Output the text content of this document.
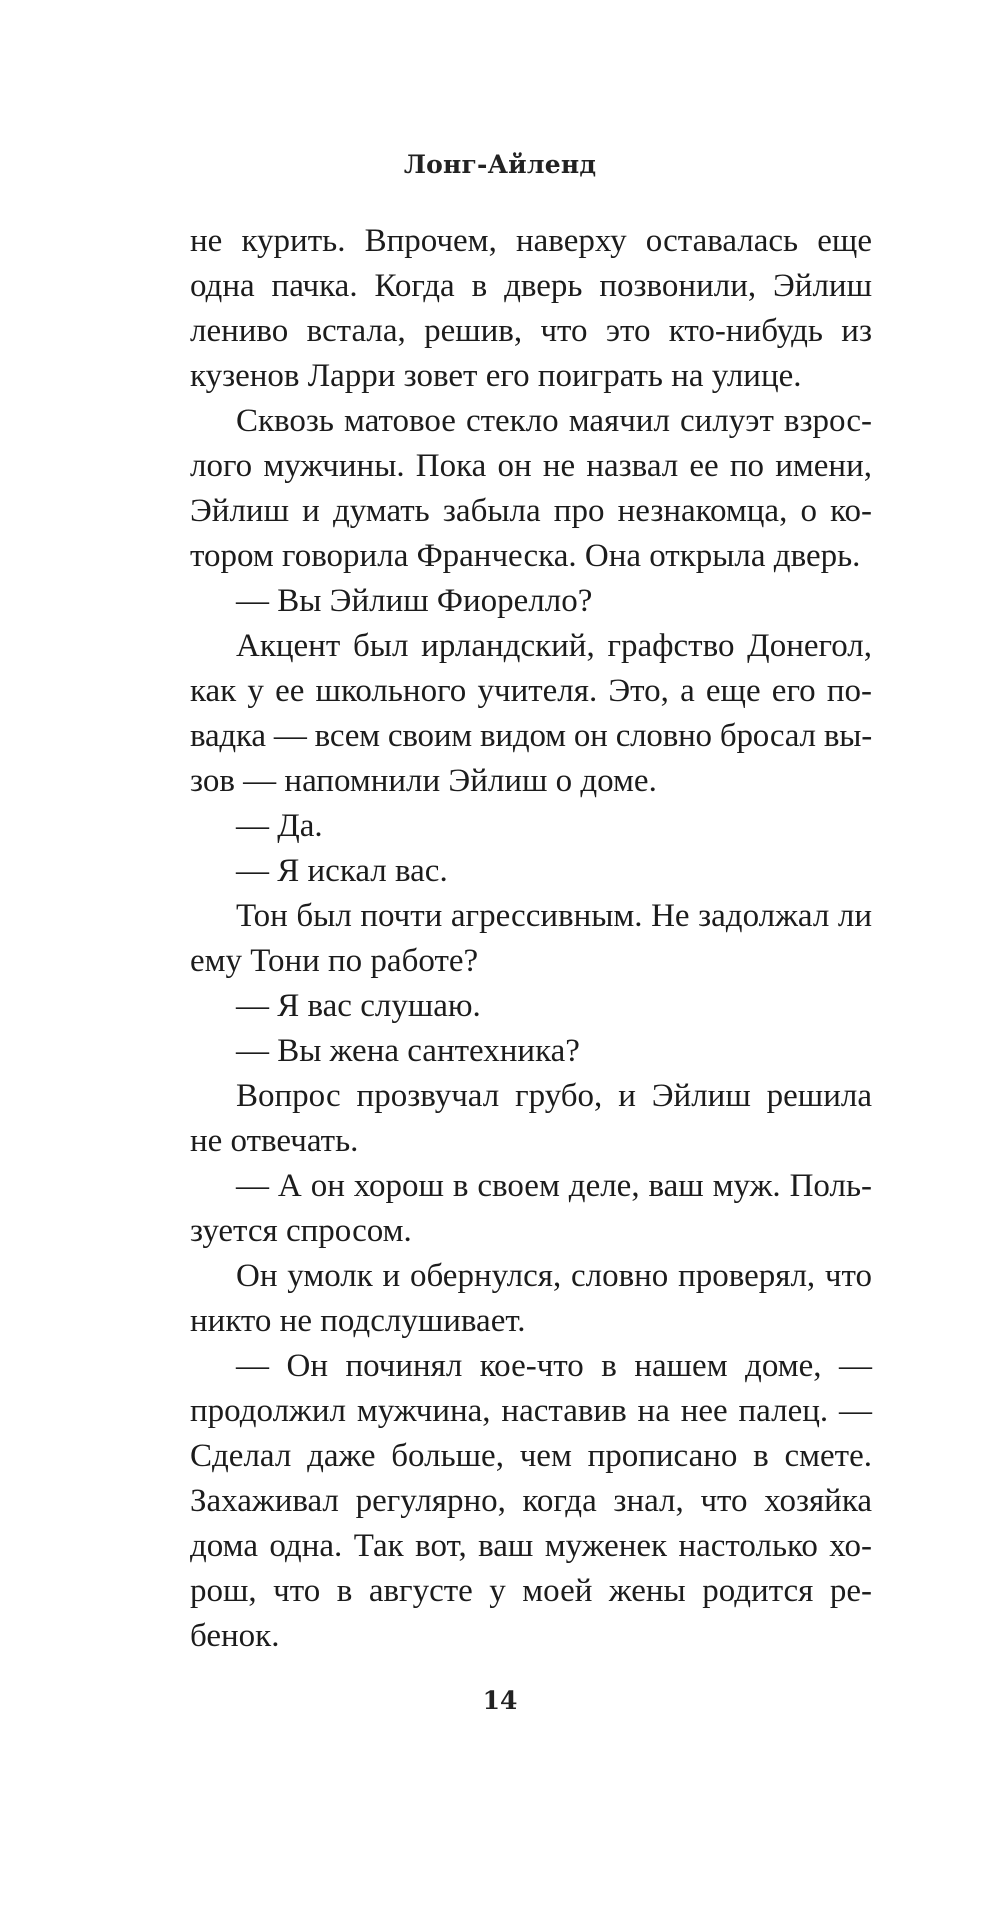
Лонг-Айленд
не курить. Впрочем, наверху оставалась еще
одна пачка. Когда в дверь позвонили, Эйлиш
лениво встала, решив, что это кто-нибудь из
кузенов Ларри зовет его поиграть на улице.
Сквозь матовое стекло маячил силуэт взрос-
лого мужчины. Пока он не назвал ее по имени,
Эйлиш и думать забыла про незнакомца, о ко-
тором говорила Франческа. Она открыла дверь.
— Вы Эйлиш Фиорелло?
Акцент был ирландский, графство Донегол,
как у ее школьного учителя. Это, а еще его по-
вадка — всем своим видом он словно бросал вы-
зов — напомнили Эйлиш о доме.
— Да.
— Я искал вас.
Тон был почти агрессивным. Не задолжал ли
ему Тони по работе?
— Я вас слушаю.
— Вы жена сантехника?
Вопрос прозвучал грубо, и Эйлиш решила
не отвечать.
— А он хорош в своем деле, ваш муж. Поль-
зуется спросом.
Он умолк и обернулся, словно проверял, что
никто не подслушивает.
— Он починял кое-что в нашем доме, —
продолжил мужчина, наставив на нее палец. —
Сделал даже больше, чем прописано в смете.
Захаживал регулярно, когда знал, что хозяйка
дома одна. Так вот, ваш муженек настолько хо-
рош, что в августе у моей жены родится ре-
бенок.
14
